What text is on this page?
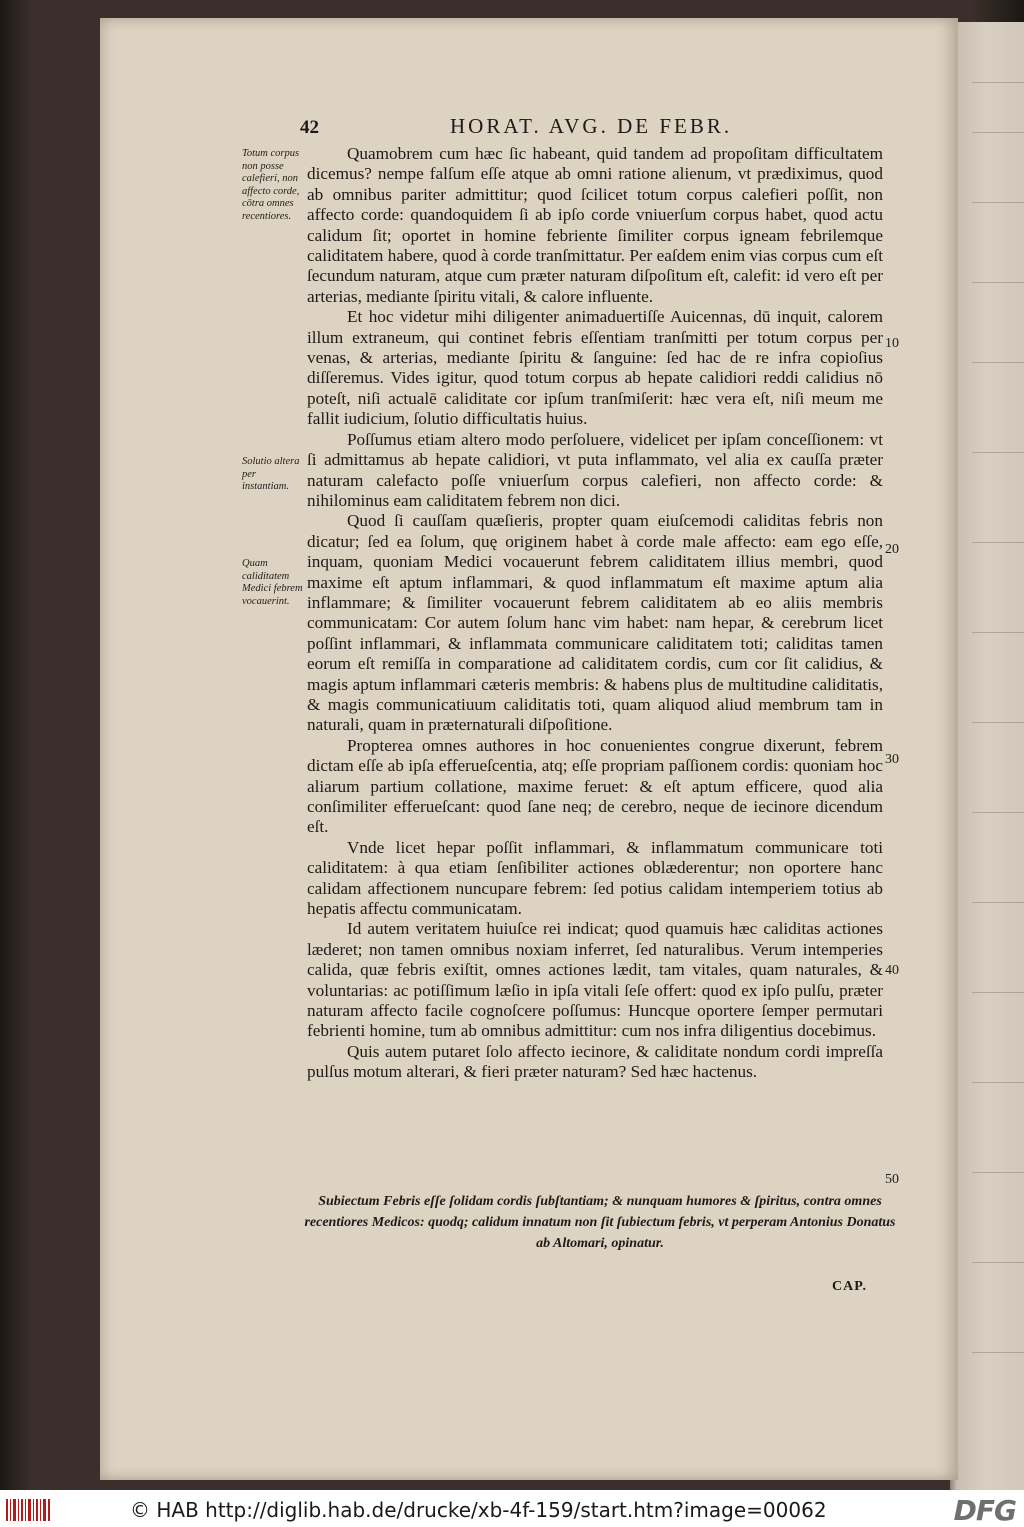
42	HORAT. AVG. DE FEBR.
Totum corpus non posse calefieri, non affecto corde, cōtra omnes recentiores.
Solutio altera per instantiam.
Quam caliditatem Medici febrem vocauerint.

Quamobrem cum hæc ſic habeant, quid tandem ad propoſitam difficultatem dicemus? nempe falſum eſſe atque ab omni ratione alienum, vt prædiximus, quod ab omnibus pariter admittitur; quod ſcilicet totum corpus calefieri poſſit, non affecto corde: quandoquidem ſi ab ipſo corde vniuerſum corpus habet, quod actu calidum ſit; oportet in homine febriente ſimiliter corpus igneam febrilemque caliditatem habere, quod à corde tranſmittatur. Per eaſdem enim vias corpus cum eſt ſecundum naturam, atque cum præter naturam diſpoſitum eſt, calefit: id vero eſt per arterias, mediante ſpiritu vitali, & calore influente.

Et hoc videtur mihi diligenter animaduertiſſe Auicennas, dū inquit, calorem illum extraneum, qui continet febris eſſentiam tranſmitti per totum corpus per venas, & arterias, mediante ſpiritu & ſanguine: ſed hac de re infra copioſius diſſeremus. Vides igitur, quod totum corpus ab hepate calidiori reddi calidius nō poteſt, niſi actualē caliditate cor ipſum tranſmiſerit: hæc vera eſt, niſi meum me fallit iudicium, ſolutio difficultatis huius.

Poſſumus etiam altero modo perſoluere, videlicet per ipſam conceſſionem: vt ſi admittamus ab hepate calidiori, vt puta inflammato, vel alia ex cauſſa præter naturam calefacto poſſe vniuerſum corpus calefieri, non affecto corde: & nihilominus eam caliditatem febrem non dici.

Quod ſi cauſſam quæſieris, propter quam eiuſcemodi caliditas febris non dicatur; ſed ea ſolum, quę originem habet à corde male affecto: eam ego eſſe, inquam, quoniam Medici vocauerunt febrem caliditatem illius membri, quod maxime eſt aptum inflammari, & quod inflammatum eſt maxime aptum alia inflammare; & ſimiliter vocauerunt febrem caliditatem ab eo aliis membris communicatam: Cor autem ſolum hanc vim habet: nam hepar, & cerebrum licet poſſint inflammari, & inflammata communicare caliditatem toti; caliditas tamen eorum eſt remiſſa in comparatione ad caliditatem cordis, cum cor ſit calidius, & magis aptum inflammari cæteris membris: & habens plus de multitudine caliditatis, & magis communicatiuum caliditatis toti, quam aliquod aliud membrum tam in naturali, quam in præternaturali diſpoſitione.

Propterea omnes authores in hoc conuenientes congrue dixerunt, febrem dictam eſſe ab ipſa efferueſcentia, atq; eſſe propriam paſſionem cordis: quoniam hoc aliarum partium collatione, maxime feruet: & eſt aptum efficere, quod alia conſimiliter efferueſcant: quod ſane neq; de cerebro, neque de iecinore dicendum eſt.

Vnde licet hepar poſſit inflammari, & inflammatum communicare toti caliditatem: à qua etiam ſenſibiliter actiones oblæderentur; non oportere hanc calidam affectionem nuncupare febrem: ſed potius calidam intemperiem totius ab hepatis affectu communicatam.

Id autem veritatem huiuſce rei indicat; quod quamuis hæc caliditas actiones læderet; non tamen omnibus noxiam inferret, ſed naturalibus. Verum intemperies calida, quæ febris exiſtit, omnes actiones lædit, tam vitales, quam naturales, & voluntarias: ac potiſſimum læſio in ipſa vitali ſeſe offert: quod ex ipſo pulſu, præter naturam affecto facile cognoſcere poſſumus: Huncque oportere ſemper permutari febrienti homine, tum ab omnibus admittitur: cum nos infra diligentius docebimus.

Quis autem putaret ſolo affecto iecinore, & caliditate nondum cordi impreſſa pulſus motum alterari, & fieri præter naturam? Sed hæc hactenus.

10
20
30
40
50
Subiectum Febris eſſe ſolidam cordis ſubſtantiam; & nunquam humores & ſpiritus, contra omnes recentiores Medicos: quodq; calidum innatum non ſit ſubiectum febris, vt perperam Antonius Donatus ab Altomari, opinatur.
CAP.
© HAB http://diglib.hab.de/drucke/xb-4f-159/start.htm?image=00062	DFG
